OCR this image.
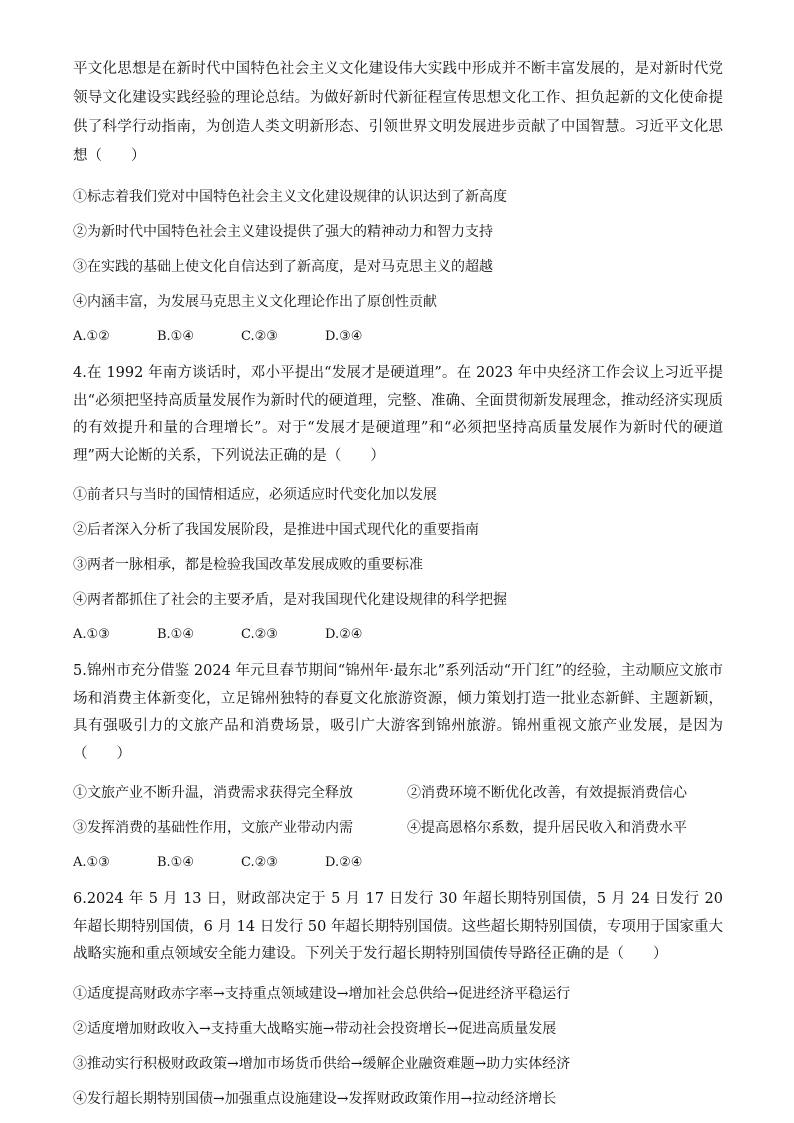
平文化思想是在新时代中国特色社会主义文化建设伟大实践中形成并不断丰富发展的，是对新时代党领导文化建设实践经验的理论总结。为做好新时代新征程宣传思想文化工作、担负起新的文化使命提供了科学行动指南，为创造人类文明新形态、引领世界文明发展进步贡献了中国智慧。习近平文化思想（　　）

①标志着我们党对中国特色社会主义文化建设规律的认识达到了新高度
②为新时代中国特色社会主义建设提供了强大的精神动力和智力支持
③在实践的基础上使文化自信达到了新高度，是对马克思主义的超越
④内涵丰富，为发展马克思主义文化理论作出了原创性贡献
A.①②	B.①④	C.②③	D.③④

4.在 1992 年南方谈话时，邓小平提出“发展才是硬道理”。在 2023 年中央经济工作会议上习近平提出“必须把坚持高质量发展作为新时代的硬道理，完整、准确、全面贯彻新发展理念，推动经济实现质的有效提升和量的合理增长”。对于“发展才是硬道理”和“必须把坚持高质量发展作为新时代的硬道理”两大论断的关系，下列说法正确的是（　　）

①前者只与当时的国情相适应，必须适应时代变化加以发展
②后者深入分析了我国发展阶段，是推进中国式现代化的重要指南
③两者一脉相承，都是检验我国改革发展成败的重要标准
④两者都抓住了社会的主要矛盾，是对我国现代化建设规律的科学把握
A.①③	B.①④	C.②③	D.②④

5.锦州市充分借鉴 2024 年元旦春节期间“锦州年·最东北”系列活动“开门红”的经验，主动顺应文旅市场和消费主体新变化，立足锦州独特的春夏文化旅游资源，倾力策划打造一批业态新鲜、主题新颖，具有强吸引力的文旅产品和消费场景，吸引广大游客到锦州旅游。锦州重视文旅产业发展，是因为（　　）

①文旅产业不断升温，消费需求获得完全释放	②消费环境不断优化改善，有效提振消费信心
③发挥消费的基础性作用，文旅产业带动内需	④提高恩格尔系数，提升居民收入和消费水平
A.①③	B.①④	C.②③	D.②④

6.2024 年 5 月 13 日，财政部决定于 5 月 17 日发行 30 年超长期特别国债，5 月 24 日发行 20 年超长期特别国债，6 月 14 日发行 50 年超长期特别国债。这些超长期特别国债，专项用于国家重大战略实施和重点领域安全能力建设。下列关于发行超长期特别国债传导路径正确的是（　　）

①适度提高财政赤字率→支持重点领域建设→增加社会总供给→促进经济平稳运行
②适度增加财政收入→支持重大战略实施→带动社会投资增长→促进高质量发展
③推动实行积极财政政策→增加市场货币供给→缓解企业融资难题→助力实体经济
④发行超长期特别国债→加强重点设施建设→发挥财政政策作用→拉动经济增长
